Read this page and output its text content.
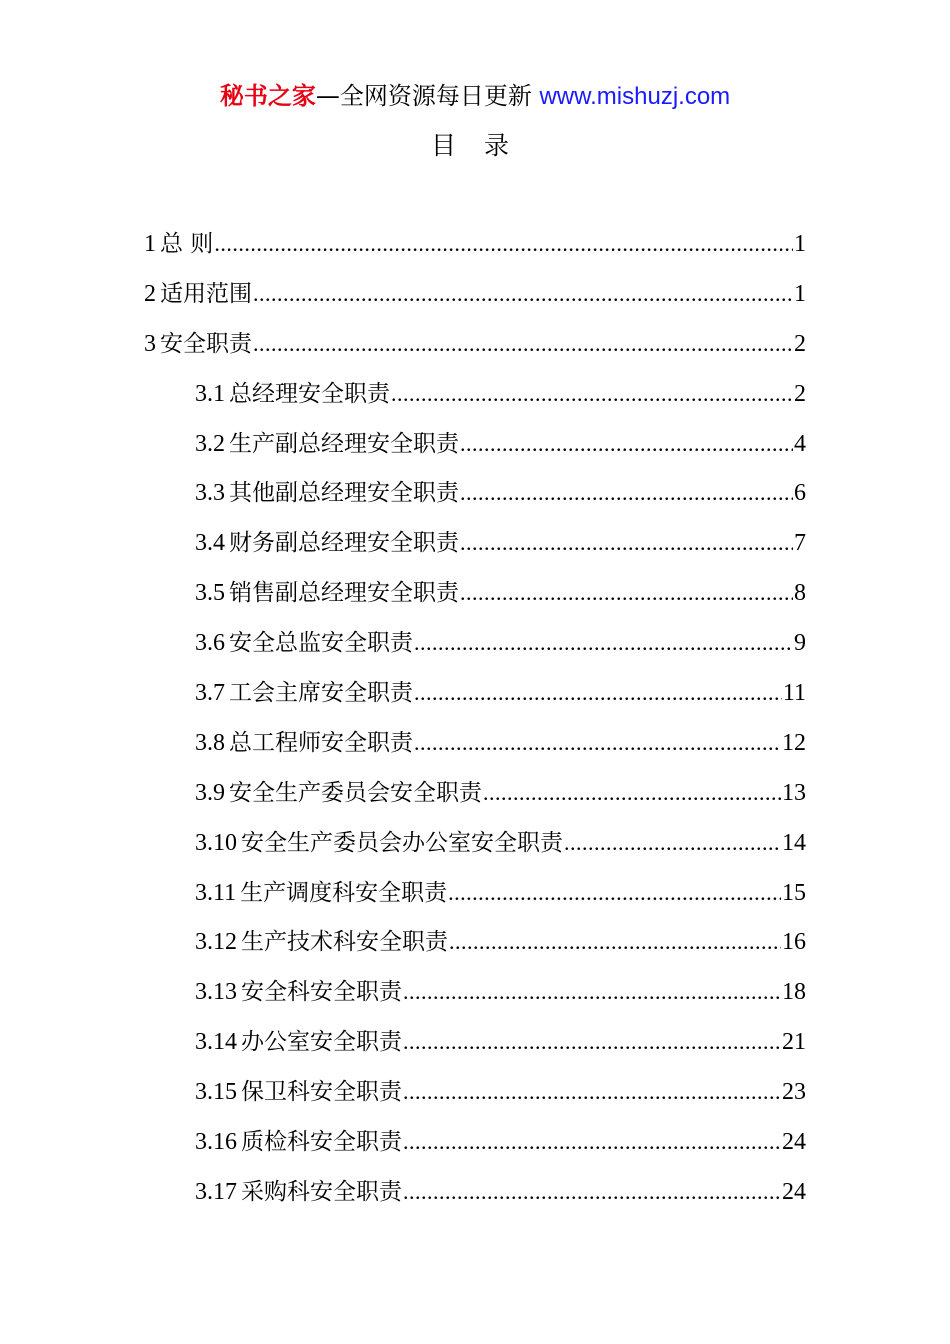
秘书之家—全网资源每日更新 www.mishuzj.com
目 录
1 总 则 .....	1
2 适用范围 .....	1
3 安全职责 .....	2
3.1 总经理安全职责 .....	2
3.2 生产副总经理安全职责 .....	4
3.3 其他副总经理安全职责 .....	6
3.4 财务副总经理安全职责 .....	7
3.5 销售副总经理安全职责 .....	8
3.6 安全总监安全职责 .....	9
3.7 工会主席安全职责 .....	11
3.8 总工程师安全职责 .....	12
3.9 安全生产委员会安全职责 .....	13
3.10 安全生产委员会办公室安全职责 .....	14
3.11 生产调度科安全职责 .....	15
3.12 生产技术科安全职责 .....	16
3.13 安全科安全职责 .....	18
3.14 办公室安全职责 .....	21
3.15 保卫科安全职责 .....	23
3.16 质检科安全职责 .....	24
3.17 采购科安全职责 .....	24
